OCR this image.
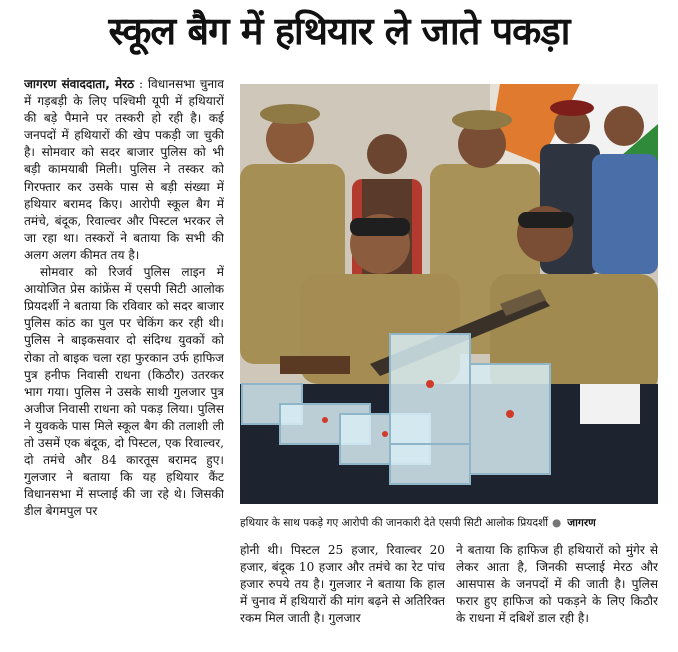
स्कूल बैग में हथियार ले जाते पकड़ा

जागरण संवाददाता, मेरठ : विधानसभा चुनाव में गड़बड़ी के लिए पश्चिमी यूपी में हथियारों की बड़े पैमाने पर तस्करी हो रही है। कई जनपदों में हथियारों की खेप पकड़ी जा चुकी है। सोमवार को सदर बाजार पुलिस को भी बड़ी कामयाबी मिली। पुलिस ने तस्कर को गिरफ्तार कर उसके पास से बड़ी संख्या में हथियार बरामद किए। आरोपी स्कूल बैग में तमंचे, बंदूक, रिवाल्वर और पिस्टल भरकर ले जा रहा था। तस्करों ने बताया कि सभी की अलग अलग कीमत तय है।

सोमवार को रिजर्व पुलिस लाइन में आयोजित प्रेस कांफ्रेंस में एसपी सिटी आलोक प्रियदर्शी ने बताया कि रविवार को सदर बाजार पुलिस कांठ का पुल पर चेकिंग कर रही थी। पुलिस ने बाइकसवार दो संदिग्ध युवकों को रोका तो बाइक चला रहा फुरकान उर्फ हाफिज पुत्र हनीफ निवासी राधना (किठौर) उतरकर भाग गया। पुलिस ने उसके साथी गुलजार पुत्र अजीज निवासी राधना को पकड़ लिया। पुलिस ने युवकके पास मिले स्कूल बैग की तलाशी ली तो उसमें एक बंदूक, दो पिस्टल, एक रिवाल्वर, दो तमंचे और 84 कारतूस बरामद हुए। गुलजार ने बताया कि यह हथियार कैंट विधानसभा में सप्लाई की जा रहे थे। जिसकी डील बेगमपुल पर

हथियार के साथ पकड़े गए आरोपी की जानकारी देते एसपी सिटी आलोक प्रियदर्शी ● जागरण

होनी थी। पिस्टल 25 हजार, रिवाल्वर 20 हजार, बंदूक 10 हजार और तमंचे का रेट पांच हजार रुपये तय है। गुलजार ने बताया कि हाल में चुनाव में हथियारों की मांग बढ़ने से अतिरिक्त रकम मिल जाती है। गुलजार

ने बताया कि हाफिज ही हथियारों को मुंगेर से लेकर आता है, जिनकी सप्लाई मेरठ और आसपास के जनपदों में की जाती है। पुलिस फरार हुए हाफिज को पकड़ने के लिए किठौर के राधना में दबिशें डाल रही है।
